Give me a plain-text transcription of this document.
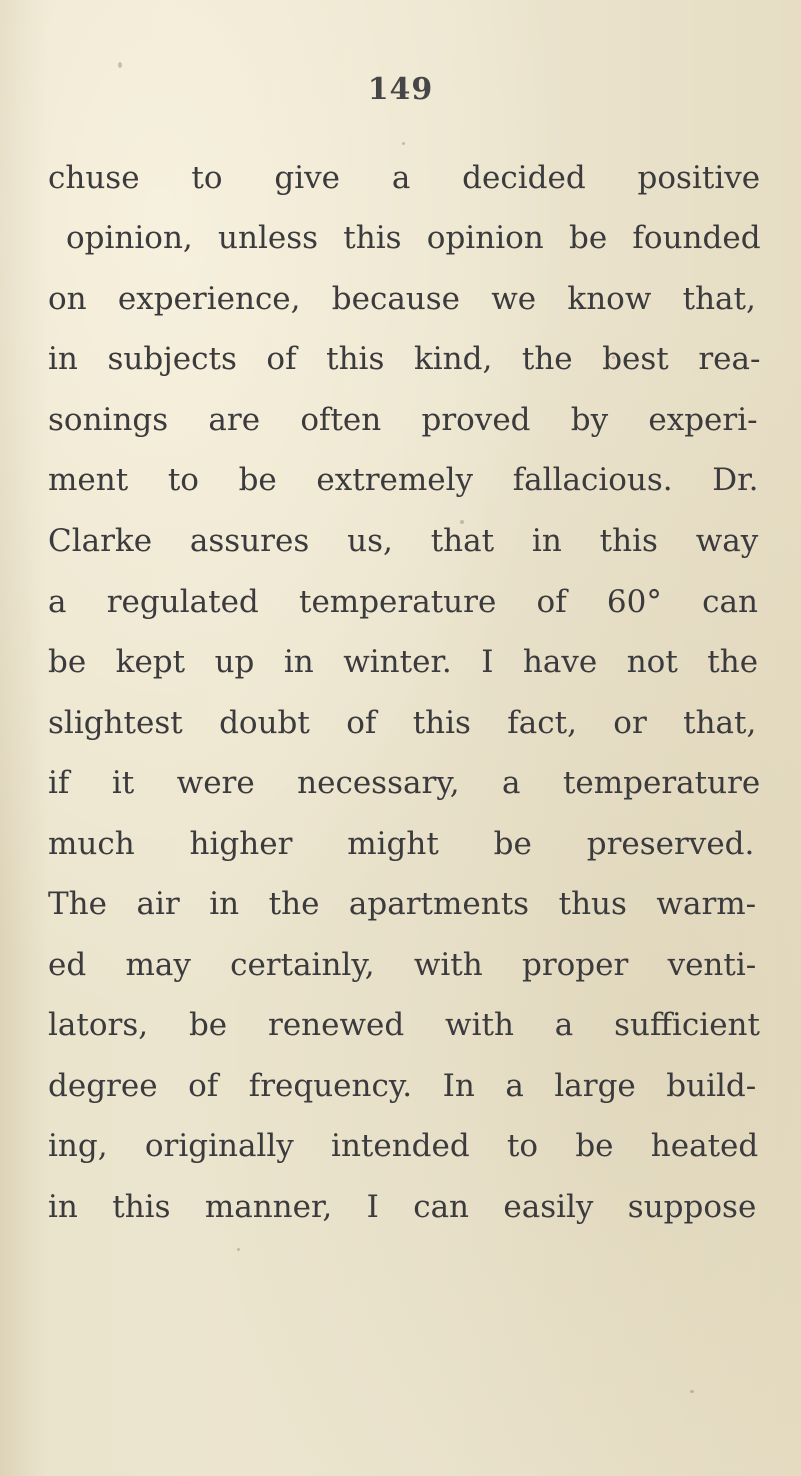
149
chuse to give a decided positive
opinion, unless this opinion be founded
on experience, because we know that,
in subjects of this kind, the best rea-
sonings are often proved by experi-
ment to be extremely fallacious. Dr.
Clarke assures us, that in this way
a regulated temperature of 60° can
be kept up in winter. I have not the
slightest doubt of this fact, or that,
if it were necessary, a temperature
much higher might be preserved.
The air in the apartments thus warm-
ed may certainly, with proper venti-
lators, be renewed with a sufficient
degree of frequency. In a large build-
ing, originally intended to be heated
in this manner, I can easily suppose
